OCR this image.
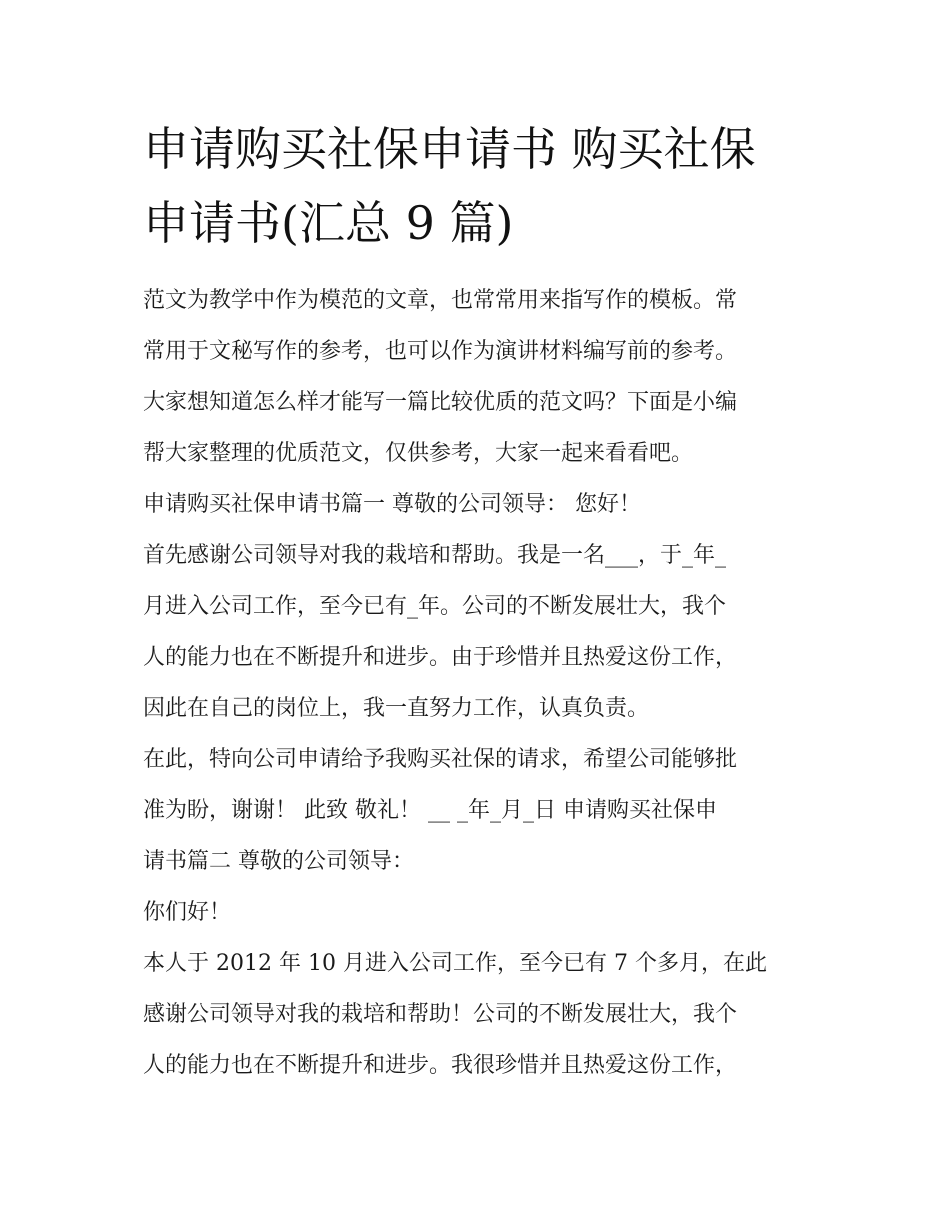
申请购买社保申请书 购买社保
申请书(汇总 9 篇)
范文为教学中作为模范的文章，也常常用来指写作的模板。常
常用于文秘写作的参考，也可以作为演讲材料编写前的参考。
大家想知道怎么样才能写一篇比较优质的范文吗？下面是小编
帮大家整理的优质范文，仅供参考，大家一起来看看吧。
申请购买社保申请书篇一 尊敬的公司领导： 您好！
首先感谢公司领导对我的栽培和帮助。我是一名___，于_年_
月进入公司工作，至今已有_年。公司的不断发展壮大，我个
人的能力也在不断提升和进步。由于珍惜并且热爱这份工作，
因此在自己的岗位上，我一直努力工作，认真负责。
在此，特向公司申请给予我购买社保的请求，希望公司能够批
准为盼，谢谢！ 此致 敬礼！ __ _年_月_日 申请购买社保申
请书篇二 尊敬的公司领导：
你们好！
本人于 2012 年 10 月进入公司工作，至今已有 7 个多月，在此
感谢公司领导对我的栽培和帮助！公司的不断发展壮大，我个
人的能力也在不断提升和进步。我很珍惜并且热爱这份工作，
